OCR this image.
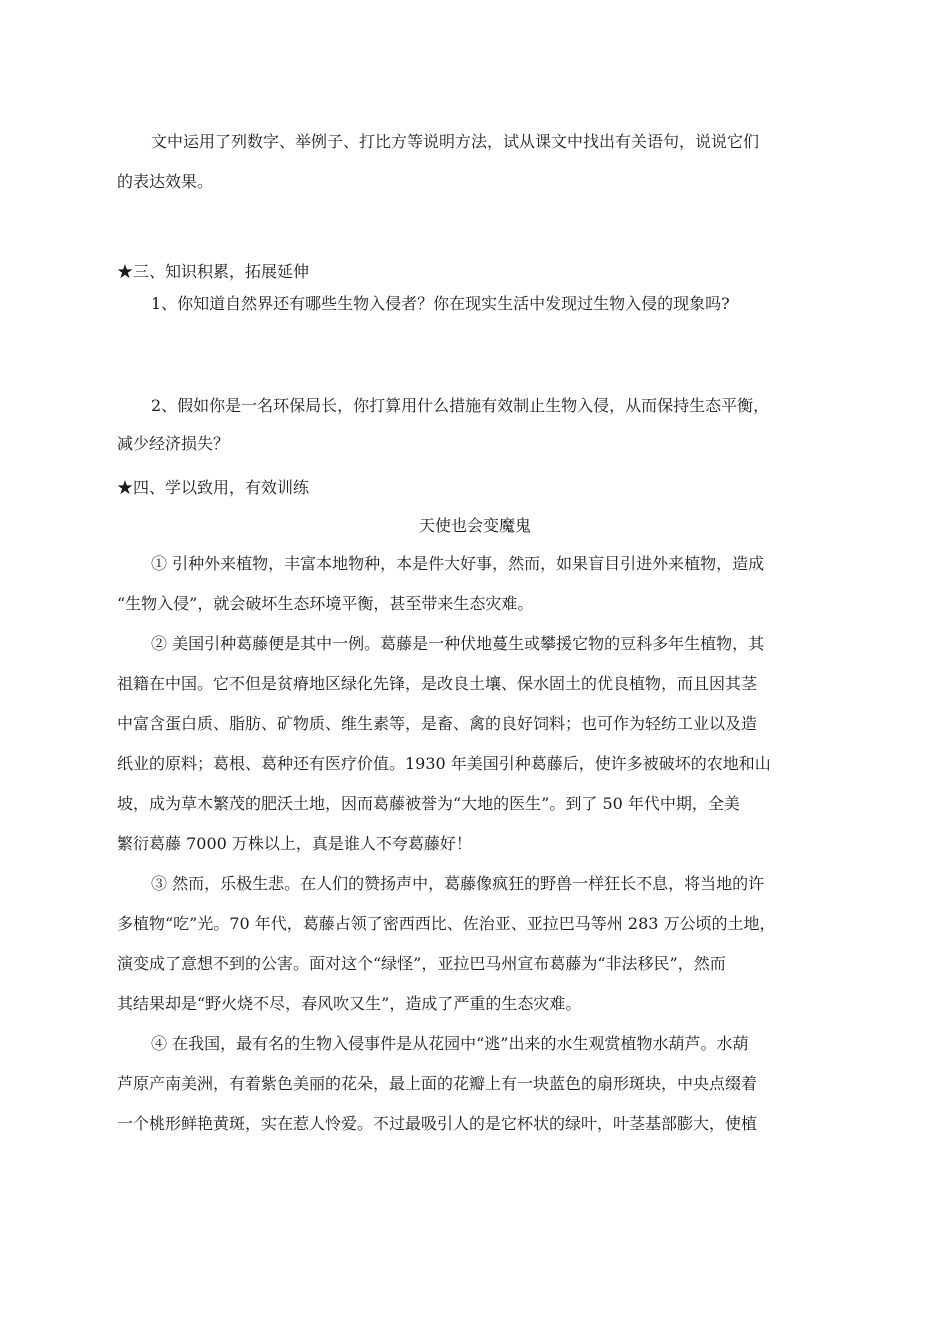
文中运用了列数字、举例子、打比方等说明方法，试从课文中找出有关语句，说说它们
的表达效果。
★三、知识积累，拓展延伸
1、你知道自然界还有哪些生物入侵者？你在现实生活中发现过生物入侵的现象吗?
2、假如你是一名环保局长，你打算用什么措施有效制止生物入侵，从而保持生态平衡，
减少经济损失？
★四、学以致用，有效训练
天使也会变魔鬼
① 引种外来植物，丰富本地物种，本是件大好事，然而，如果盲目引进外来植物，造成
“生物入侵”，就会破坏生态环境平衡，甚至带来生态灾难。
② 美国引种葛藤便是其中一例。葛藤是一种伏地蔓生或攀援它物的豆科多年生植物，其
祖籍在中国。它不但是贫瘠地区绿化先锋，是改良土壤、保水固土的优良植物，而且因其茎
中富含蛋白质、脂肪、矿物质、维生素等，是畜、禽的良好饲料；也可作为轻纺工业以及造
纸业的原料；葛根、葛种还有医疗价值。1930 年美国引种葛藤后，使许多被破坏的农地和山
坡，成为草木繁茂的肥沃土地，因而葛藤被誉为“大地的医生”。到了 50 年代中期，全美
繁衍葛藤 7000 万株以上，真是谁人不夸葛藤好！
③ 然而，乐极生悲。在人们的赞扬声中，葛藤像疯狂的野兽一样狂长不息，将当地的许
多植物“吃”光。70 年代，葛藤占领了密西西比、佐治亚、亚拉巴马等州 283 万公顷的土地，
演变成了意想不到的公害。面对这个“绿怪”，亚拉巴马州宣布葛藤为“非法移民”，然而
其结果却是“野火烧不尽，春风吹又生”，造成了严重的生态灾难。
④ 在我国，最有名的生物入侵事件是从花园中“逃”出来的水生观赏植物水葫芦。水葫
芦原产南美洲，有着紫色美丽的花朵，最上面的花瓣上有一块蓝色的扇形斑块，中央点缀着
一个桃形鲜艳黄斑，实在惹人怜爱。不过最吸引人的是它杯状的绿叶，叶茎基部膨大，使植
